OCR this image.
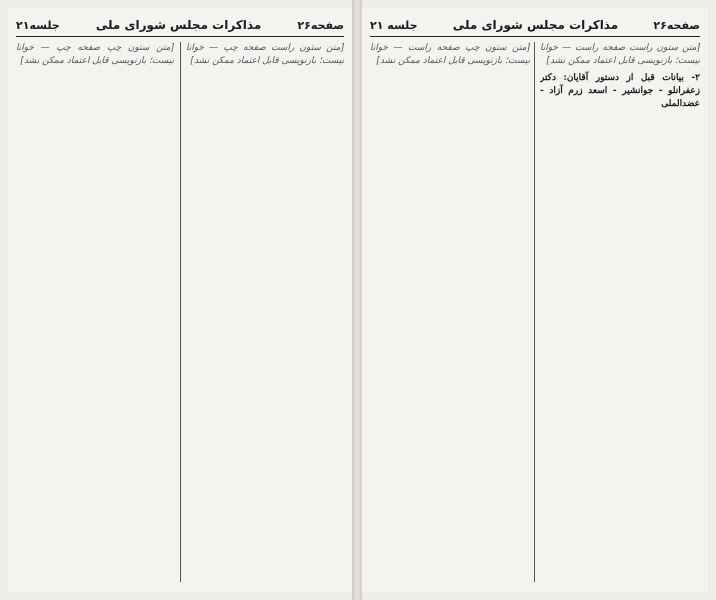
صفحه۲۶
مذاکرات مجلس شورای ملی
جلسه۲۱

[متن ستون راست صفحه چپ — خوانا نیست؛ بازنویسی قابل اعتماد ممکن نشد]

[متن ستون چپ صفحه چپ — خوانا نیست؛ بازنویسی قابل اعتماد ممکن نشد]

صفحه۲۶
مذاکرات مجلس شورای ملی
جلسه ۲۱

[متن ستون راست صفحه راست — خوانا نیست؛ بازنویسی قابل اعتماد ممکن نشد]

۲- بیانات قبل از دستور آقایان: دکتر زعفرانلو - جوانشیر - اسعد زرم آزاد - عضدالملی

[متن ستون چپ صفحه راست — خوانا نیست؛ بازنویسی قابل اعتماد ممکن نشد]
